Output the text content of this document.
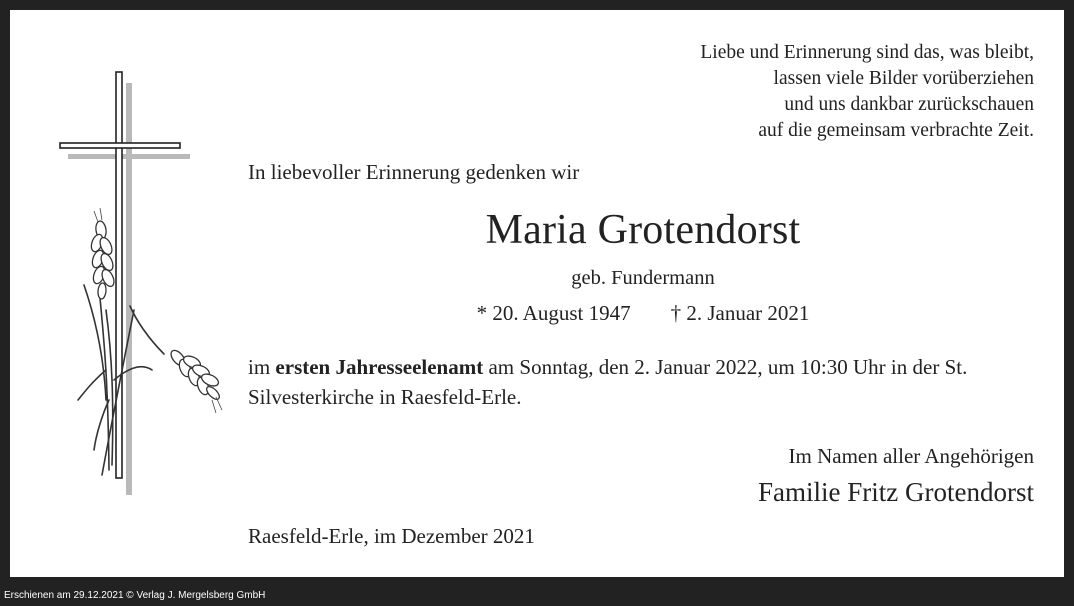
Liebe und Erinnerung sind das, was bleibt,
lassen viele Bilder vorüberziehen
und uns dankbar zurückschauen
auf die gemeinsam verbrachte Zeit.
In liebevoller Erinnerung gedenken wir
Maria Grotendorst
geb. Fundermann
* 20. August 1947 † 2. Januar 2021
im ersten Jahresseelenamt am Sonntag, den 2. Januar 2022, um 10:30 Uhr in der St. Silvesterkirche in Raesfeld-Erle.
Im Namen aller Angehörigen
Familie Fritz Grotendorst
Raesfeld-Erle, im Dezember 2021
Erschienen am 29.12.2021 © Verlag J. Mergelsberg GmbH
